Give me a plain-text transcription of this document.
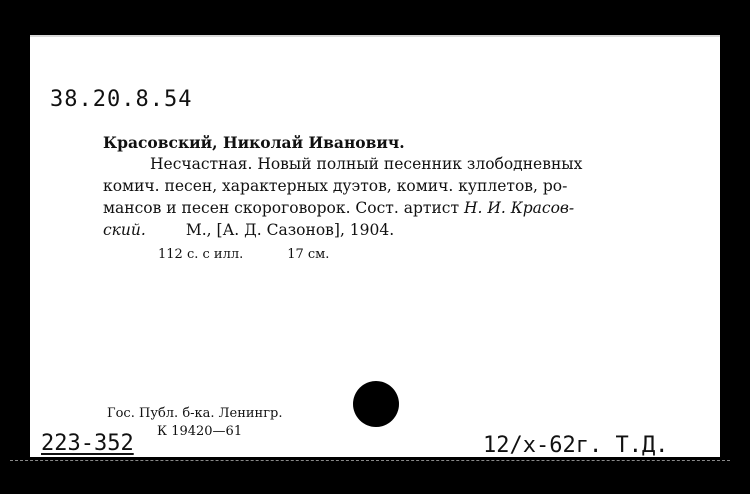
38.20.8.54
Красовский, Николай Иванович.
Несчастная. Новый полный песенник злободневных
комич. песен, характерных дуэтов, комич. куплетов, ро-
мансов и песен скороговорок. Сост. артист Н. И. Красов-
ский.	М., [А. Д. Сазонов], 1904.
112 с. с илл.	17 см.
Гос. Публ. б-ка. Ленингр.
К 19420—61
223-352	12/х-62г. Т.Д.
